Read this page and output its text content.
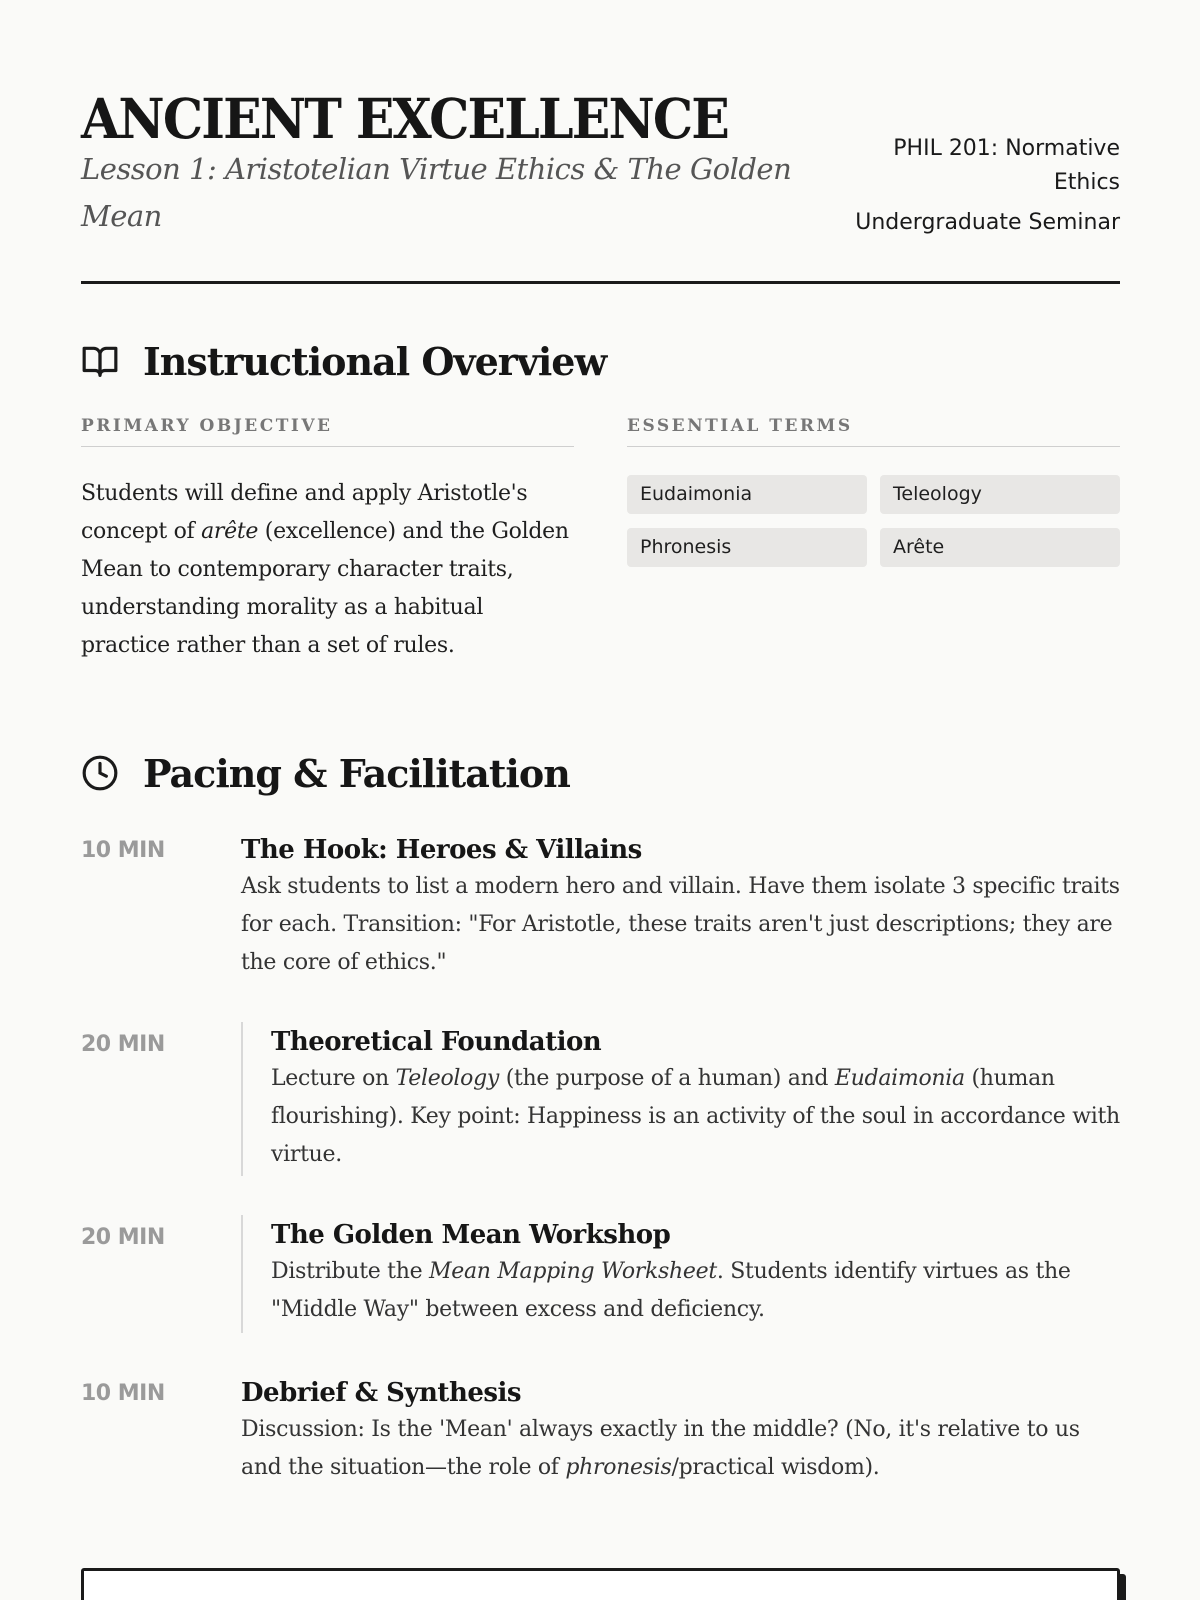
ANCIENT EXCELLENCE
Lesson 1: Aristotelian Virtue Ethics & The Golden Mean
PHIL 201: Normative Ethics
Undergraduate Seminar
Instructional Overview
PRIMARY OBJECTIVE

Students will define and apply Aristotle's concept of arête (excellence) and the Golden Mean to contemporary character traits, understanding morality as a habitual practice rather than a set of rules.

ESSENTIAL TERMS
Eudaimonia	Teleology
Phronesis	Arête
Pacing & Facilitation
10 MIN	The Hook: Heroes & Villains
Ask students to list a modern hero and villain. Have them isolate 3 specific traits for each. Transition: "For Aristotle, these traits aren't just descriptions; they are the core of ethics."
20 MIN	Theoretical Foundation
Lecture on Teleology (the purpose of a human) and Eudaimonia (human flourishing). Key point: Happiness is an activity of the soul in accordance with virtue.
20 MIN	The Golden Mean Workshop
Distribute the Mean Mapping Worksheet. Students identify virtues as the "Middle Way" between excess and deficiency.
10 MIN	Debrief & Synthesis
Discussion: Is the 'Mean' always exactly in the middle? (No, it's relative to us and the situation—the role of phronesis/practical wisdom).
